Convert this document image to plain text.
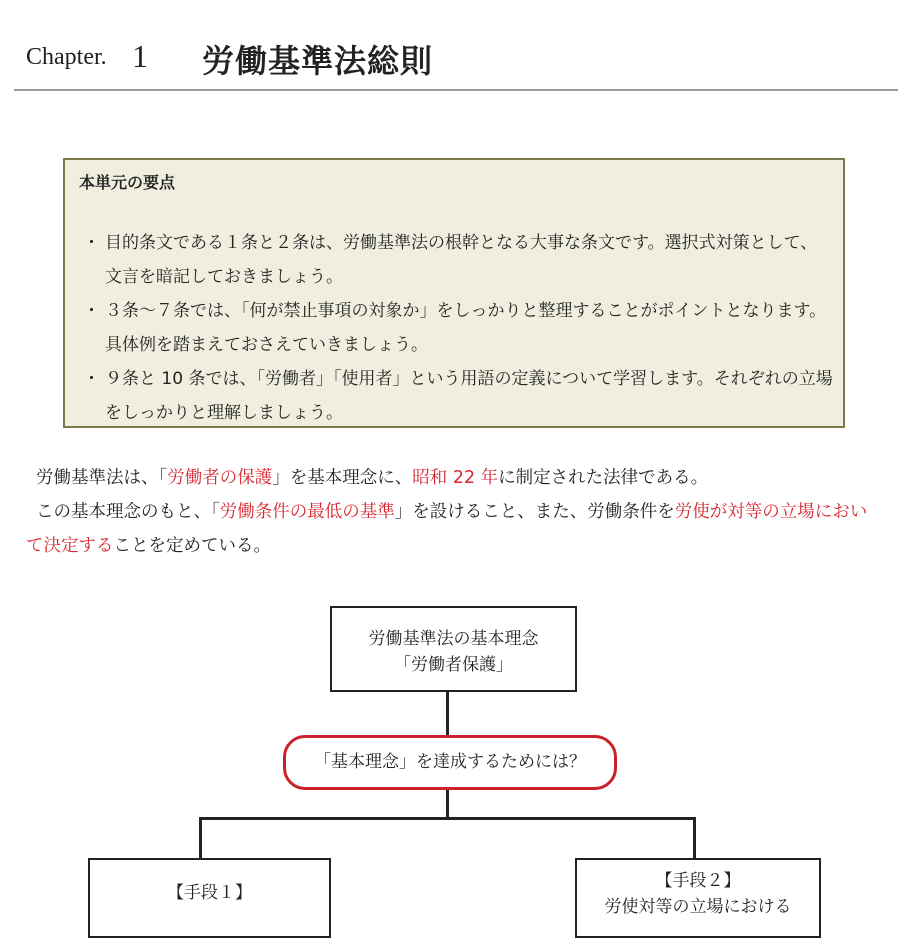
Chapter. 1 労働基準法総則
本単元の要点
・ 目的条文である１条と２条は、労働基準法の根幹となる大事な条文です。選択式対策として、文言を暗記しておきましょう。
・ ３条～７条では、「何が禁止事項の対象か」をしっかりと整理することがポイントとなります。具体例を踏まえておさえていきましょう。
・ ９条と 10 条では、「労働者」「使用者」という用語の定義について学習します。それぞれの立場をしっかりと理解しましょう。
労働基準法は、「労働者の保護」を基本理念に、昭和 22 年に制定された法律である。
この基本理念のもと、「労働条件の最低の基準」を設けること、また、労働条件を労使が対等の立場において決定することを定めている。
労働基準法の基本理念
「労働者保護」
「基本理念」を達成するためには？
【手段１】
【手段２】
労使対等の立場における
